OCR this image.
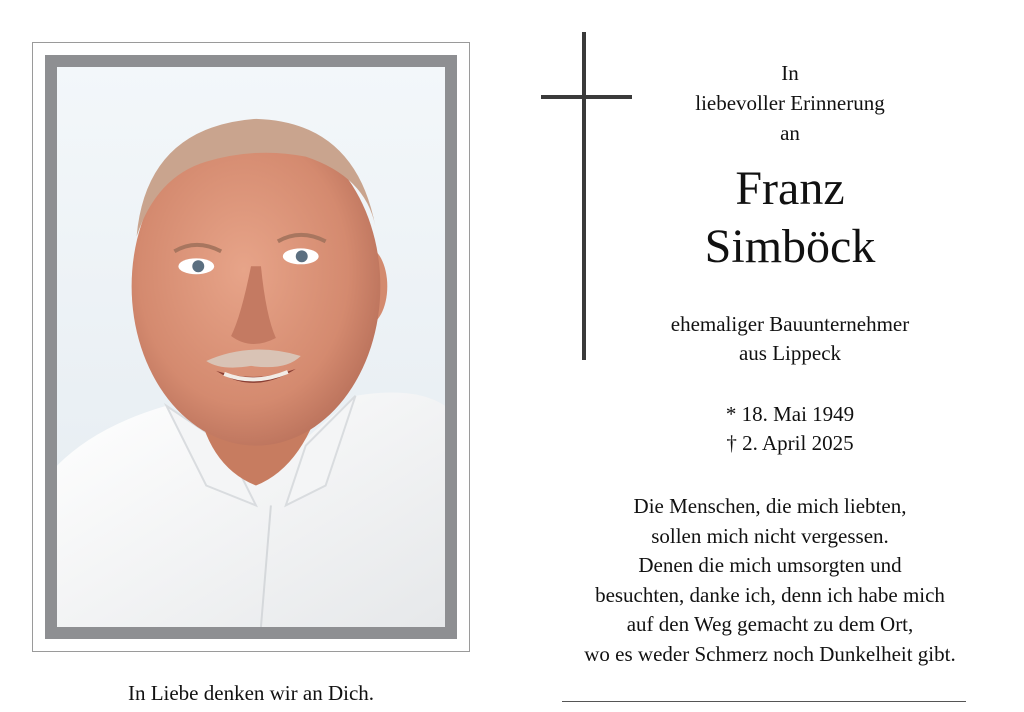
In Liebe denken wir an Dich.
In
liebevoller Erinnerung
an
Franz
Simböck
ehemaliger Bauunternehmer
aus Lippeck
* 18. Mai 1949
† 2. April 2025
Die Menschen, die mich liebten,
sollen mich nicht vergessen.
Denen die mich umsorgten und
besuchten, danke ich, denn ich habe mich
auf den Weg gemacht zu dem Ort,
wo es weder Schmerz noch Dunkelheit gibt.
